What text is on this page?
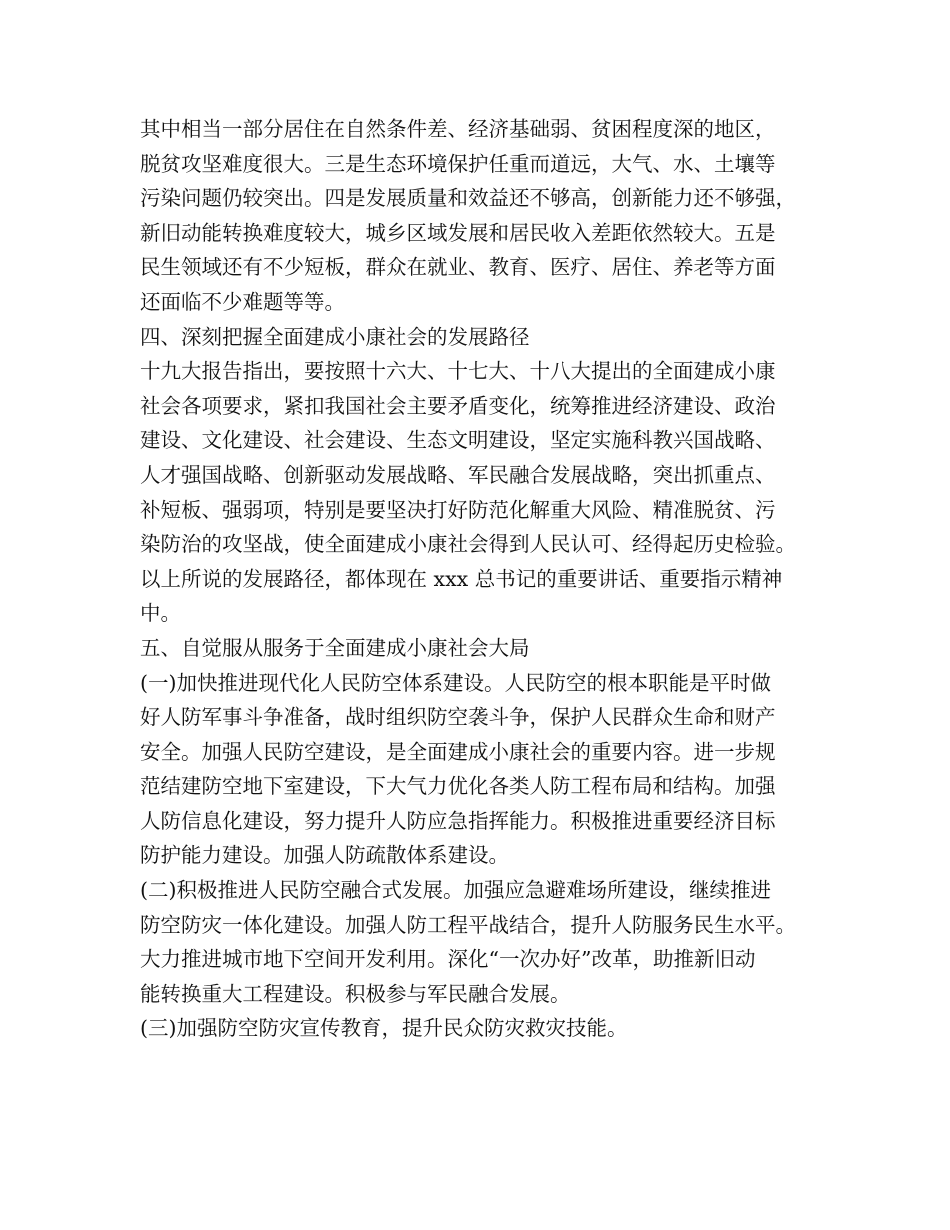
其中相当一部分居住在自然条件差、经济基础弱、贫困程度深的地区，
脱贫攻坚难度很大。三是生态环境保护任重而道远，大气、水、土壤等
污染问题仍较突出。四是发展质量和效益还不够高，创新能力还不够强，
新旧动能转换难度较大，城乡区域发展和居民收入差距依然较大。五是
民生领域还有不少短板，群众在就业、教育、医疗、居住、养老等方面
还面临不少难题等等。
四、深刻把握全面建成小康社会的发展路径
十九大报告指出，要按照十六大、十七大、十八大提出的全面建成小康
社会各项要求，紧扣我国社会主要矛盾变化，统筹推进经济建设、政治
建设、文化建设、社会建设、生态文明建设，坚定实施科教兴国战略、
人才强国战略、创新驱动发展战略、军民融合发展战略，突出抓重点、
补短板、强弱项，特别是要坚决打好防范化解重大风险、精准脱贫、污
染防治的攻坚战，使全面建成小康社会得到人民认可、经得起历史检验。
以上所说的发展路径，都体现在 xxx 总书记的重要讲话、重要指示精神
中。
五、自觉服从服务于全面建成小康社会大局
(一)加快推进现代化人民防空体系建设。人民防空的根本职能是平时做
好人防军事斗争准备，战时组织防空袭斗争，保护人民群众生命和财产
安全。加强人民防空建设，是全面建成小康社会的重要内容。进一步规
范结建防空地下室建设，下大气力优化各类人防工程布局和结构。加强
人防信息化建设，努力提升人防应急指挥能力。积极推进重要经济目标
防护能力建设。加强人防疏散体系建设。
(二)积极推进人民防空融合式发展。加强应急避难场所建设，继续推进
防空防灾一体化建设。加强人防工程平战结合，提升人防服务民生水平。
大力推进城市地下空间开发利用。深化“一次办好”改革，助推新旧动
能转换重大工程建设。积极参与军民融合发展。
(三)加强防空防灾宣传教育，提升民众防灾救灾技能。
